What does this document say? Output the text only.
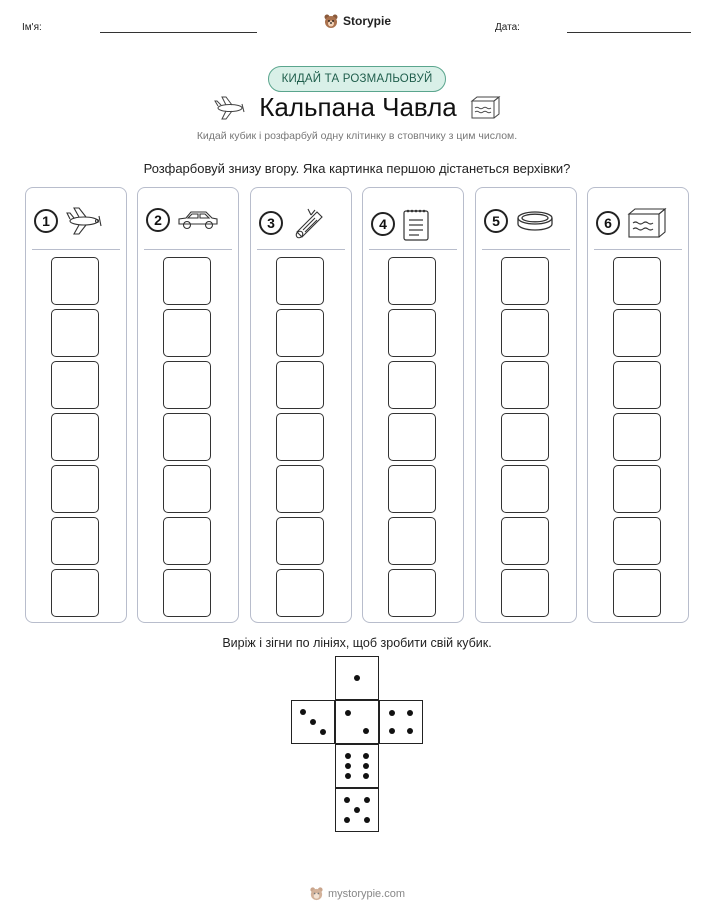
Ім'я:	Дата:
Storypie
КИДАЙ ТА РОЗМАЛЬОВУЙ
Кальпана Чавла
Кидай кубик і розфарбуй одну клітинку в стовпчику з цим числом.
Розфарбовуй знизу вгору. Яка картинка першою дістанеться верхівки?
1	2	3	4	5	6
Виріж і зігни по лініях, щоб зробити свій кубик.
mystorypie.com
